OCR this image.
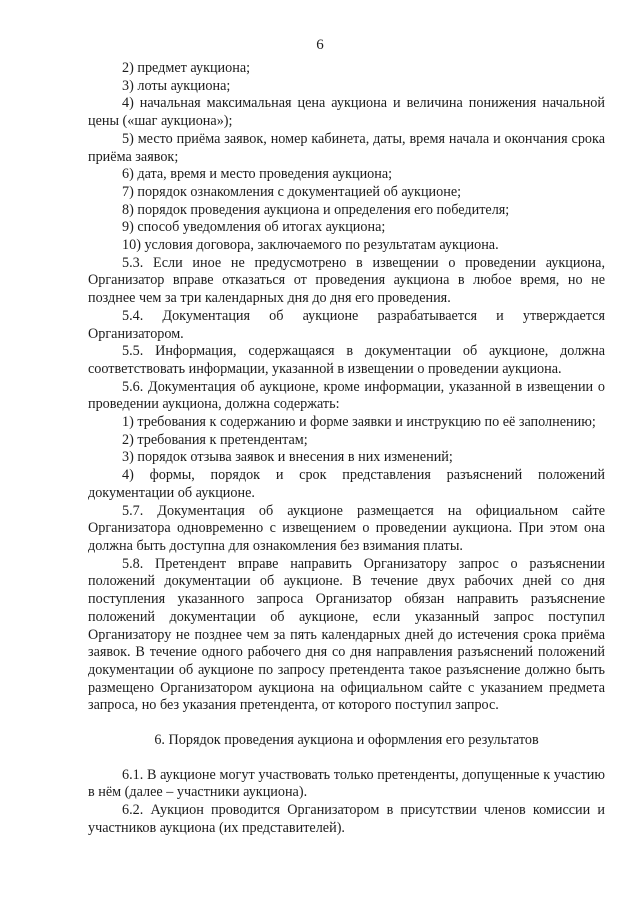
6

2) предмет аукциона;

3) лоты аукциона;

4) начальная максимальная цена аукциона и величина понижения начальной цены («шаг аукциона»);

5) место приёма заявок, номер кабинета, даты, время начала и окончания срока приёма заявок;

6) дата, время и место проведения аукциона;

7) порядок ознакомления с документацией об аукционе;

8) порядок проведения аукциона и определения его победителя;

9) способ уведомления об итогах аукциона;

10) условия договора, заключаемого по результатам аукциона.

5.3. Если иное не предусмотрено в извещении о проведении аукциона, Организатор вправе отказаться от проведения аукциона в любое время, но не позднее чем за три календарных дня до дня его проведения.

5.4. Документация об аукционе разрабатывается и утверждается Организатором.

5.5. Информация, содержащаяся в документации об аукционе, должна соответствовать информации, указанной в извещении о проведении аукциона.

5.6. Документация об аукционе, кроме информации, указанной в извещении о проведении аукциона, должна содержать:

1) требования к содержанию и форме заявки и инструкцию по её заполнению;

2) требования к претендентам;

3) порядок отзыва заявок и внесения в них изменений;

4) формы, порядок и срок представления разъяснений положений документации об аукционе.

5.7. Документация об аукционе размещается на официальном сайте Организатора одновременно с извещением о проведении аукциона. При этом она должна быть доступна для ознакомления без взимания платы.

5.8. Претендент вправе направить Организатору запрос о разъяснении положений документации об аукционе. В течение двух рабочих дней со дня поступления указанного запроса Организатор обязан направить разъяснение положений документации об аукционе, если указанный запрос поступил Организатору не позднее чем за пять календарных дней до истечения срока приёма заявок. В течение одного рабочего дня со дня направления разъяснений положений документации об аукционе по запросу претендента такое разъяснение должно быть размещено Организатором аукциона на официальном сайте с указанием предмета запроса, но без указания претендента, от которого поступил запрос.

6. Порядок проведения аукциона и оформления его результатов

6.1. В аукционе могут участвовать только претенденты, допущенные к участию в нём (далее – участники аукциона).

6.2. Аукцион проводится Организатором в присутствии членов комиссии и участников аукциона (их представителей).
